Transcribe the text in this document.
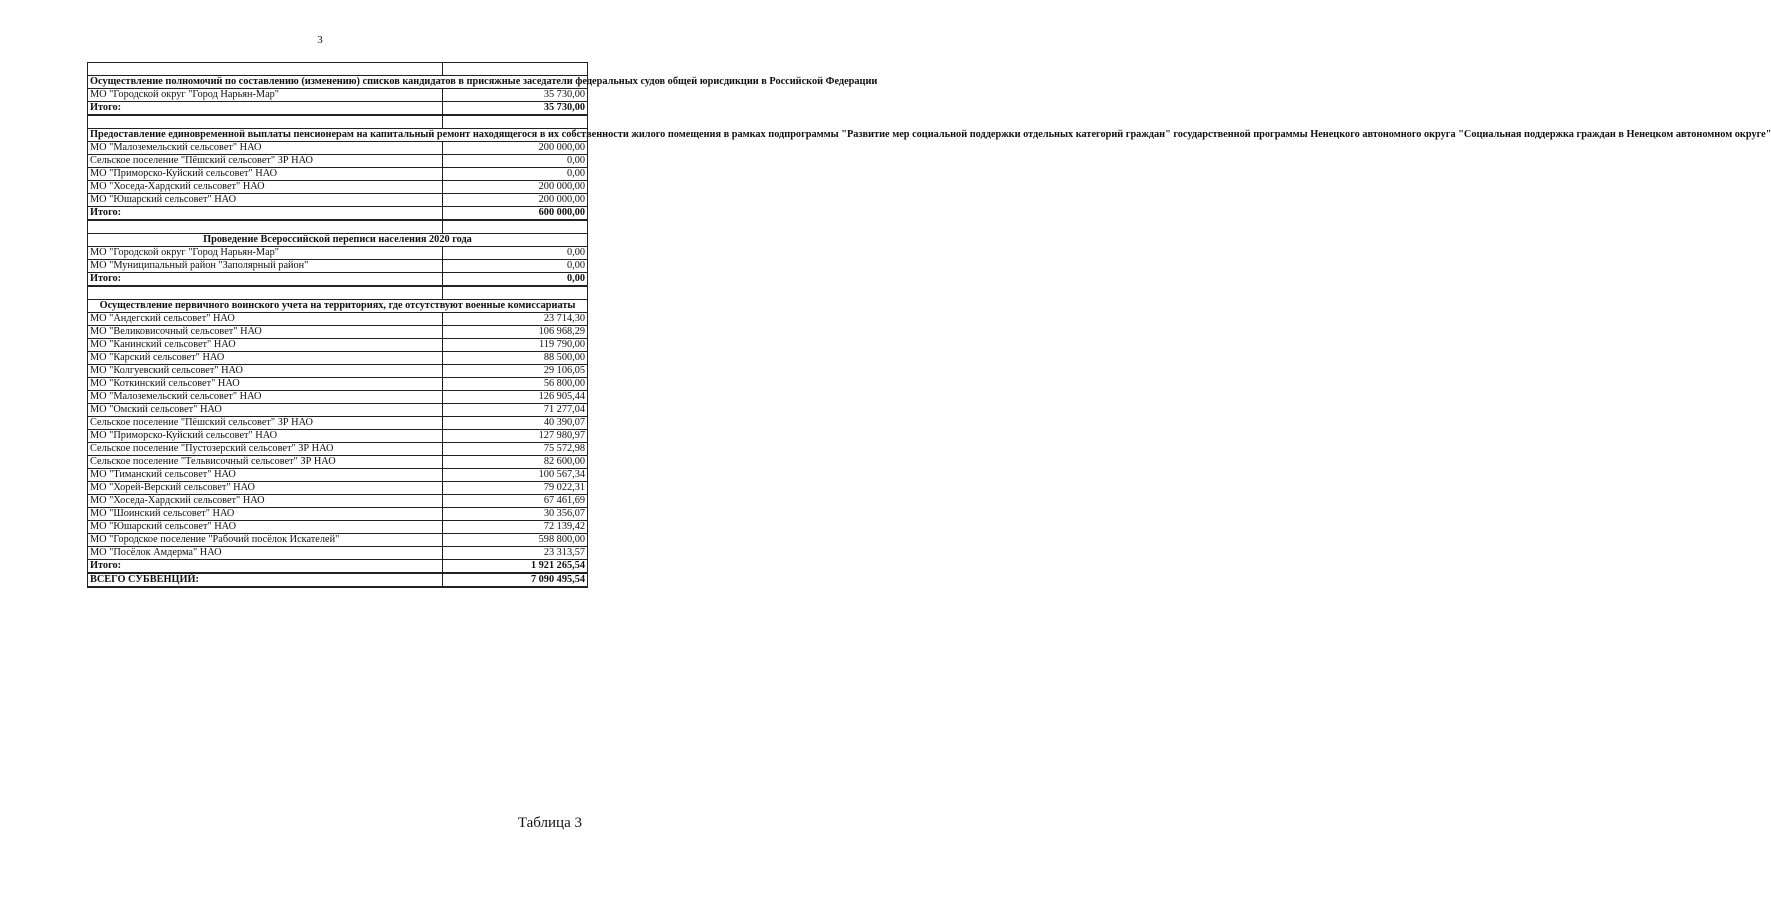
3

Осуществление полномочий по составлению (изменению) списков кандидатов в присяжные заседатели федеральных судов общей юрисдикции в Российской Федерации	
МО "Городской округ "Город Нарьян-Мар"	35 730,00
Итого:	35 730,00

Предоставление единовременной выплаты пенсионерам на капитальный ремонт находящегося в их собственности жилого помещения в рамках подпрограммы "Развитие мер социальной поддержки отдельных категорий граждан" государственной программы Ненецкого автономного округа "Социальная поддержка граждан в Ненецком автономном округе"	
МО "Малоземельский сельсовет" НАО	200 000,00
Сельское поселение "Пёшский сельсовет" ЗР НАО	0,00
МО "Приморско-Куйский сельсовет" НАО	0,00
МО "Хоседа-Хардский сельсовет" НАО	200 000,00
МО "Юшарский сельсовет" НАО	200 000,00
Итого:	600 000,00

Проведение Всероссийской переписи населения 2020 года	
МО "Городской округ "Город Нарьян-Мар"	0,00
МО "Муниципальный район "Заполярный район"	0,00
Итого:	0,00

Осуществление первичного воинского учета на территориях, где отсутствуют военные комиссариаты	
МО "Андегский сельсовет" НАО	23 714,30
МО "Великовисочный сельсовет" НАО	106 968,29
МО "Канинский сельсовет" НАО	119 790,00
МО "Карский сельсовет" НАО	88 500,00
МО "Колгуевский сельсовет" НАО	29 106,05
МО "Коткинский сельсовет" НАО	56 800,00
МО "Малоземельский сельсовет" НАО	126 905,44
МО "Омский сельсовет" НАО	71 277,04
Сельское поселение "Пёшский сельсовет" ЗР НАО	40 390,07
МО "Приморско-Куйский сельсовет" НАО	127 980,97
Сельское поселение "Пустозерский сельсовет" ЗР НАО	75 572,98
Сельское поселение "Тельвисочный сельсовет" ЗР НАО	82 600,00
МО "Тиманский сельсовет" НАО	100 567,34
МО "Хорей-Верский сельсовет" НАО	79 022,31
МО "Хоседа-Хардский сельсовет" НАО	67 461,69
МО "Шоинский сельсовет" НАО	30 356,07
МО "Юшарский сельсовет" НАО	72 139,42
МО "Городское поселение "Рабочий посёлок Искателей"	598 800,00
МО "Посёлок Амдерма" НАО	23 313,57
Итого:	1 921 265,54
ВСЕГО СУБВЕНЦИЙ:	7 090 495,54
Таблица 3
